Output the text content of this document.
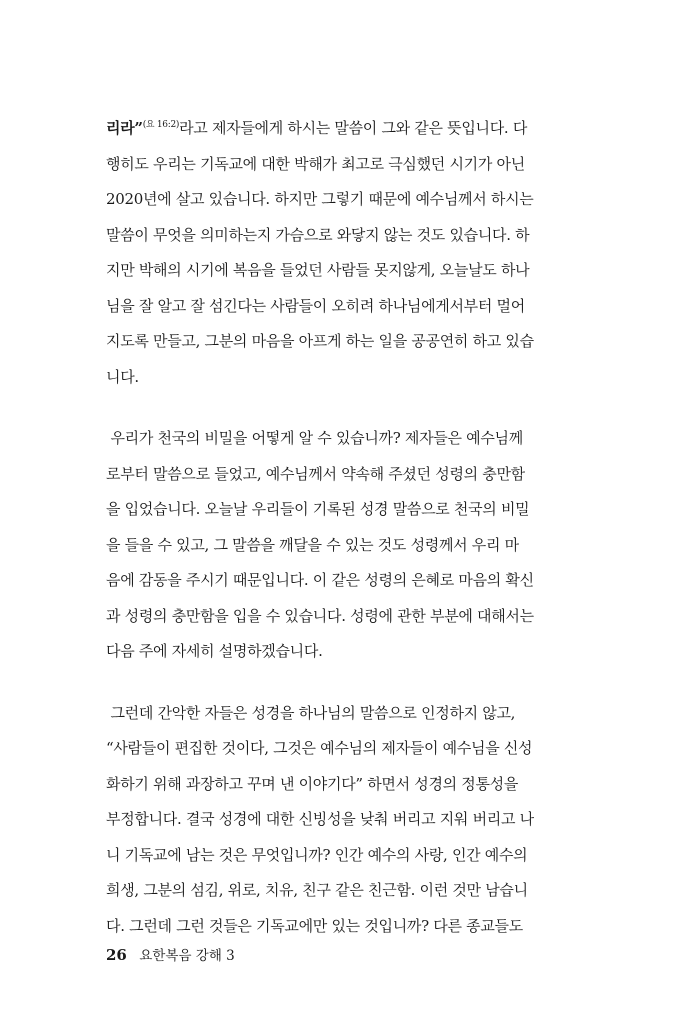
리라”$^{(요 16:2)}$라고 제자들에게 하시는 말씀이 그와 같은 뜻입니다. 다
행히도 우리는 기독교에 대한 박해가 최고로 극심했던 시기가 아닌
2020년에 살고 있습니다. 하지만 그렇기 때문에 예수님께서 하시는
말씀이 무엇을 의미하는지 가슴으로 와닿지 않는 것도 있습니다. 하
지만 박해의 시기에 복음을 들었던 사람들 못지않게, 오늘날도 하나
님을 잘 알고 잘 섬긴다는 사람들이 오히려 하나님에게서부터 멀어
지도록 만들고, 그분의 마음을 아프게 하는 일을 공공연히 하고 있습
니다.

우리가 천국의 비밀을 어떻게 알 수 있습니까? 제자들은 예수님께
로부터 말씀으로 들었고, 예수님께서 약속해 주셨던 성령의 충만함
을 입었습니다. 오늘날 우리들이 기록된 성경 말씀으로 천국의 비밀
을 들을 수 있고, 그 말씀을 깨달을 수 있는 것도 성령께서 우리 마
음에 감동을 주시기 때문입니다. 이 같은 성령의 은혜로 마음의 확신
과 성령의 충만함을 입을 수 있습니다. 성령에 관한 부분에 대해서는
다음 주에 자세히 설명하겠습니다.

그런데 간악한 자들은 성경을 하나님의 말씀으로 인정하지 않고,
“사람들이 편집한 것이다, 그것은 예수님의 제자들이 예수님을 신성
화하기 위해 과장하고 꾸며 낸 이야기다” 하면서 성경의 정통성을
부정합니다. 결국 성경에 대한 신빙성을 낮춰 버리고 지워 버리고 나
니 기독교에 남는 것은 무엇입니까? 인간 예수의 사랑, 인간 예수의
희생, 그분의 섬김, 위로, 치유, 친구 같은 친근함. 이런 것만 남습니
다. 그런데 그런 것들은 기독교에만 있는 것입니까? 다른 종교들도

26 요한복음 강해 3
